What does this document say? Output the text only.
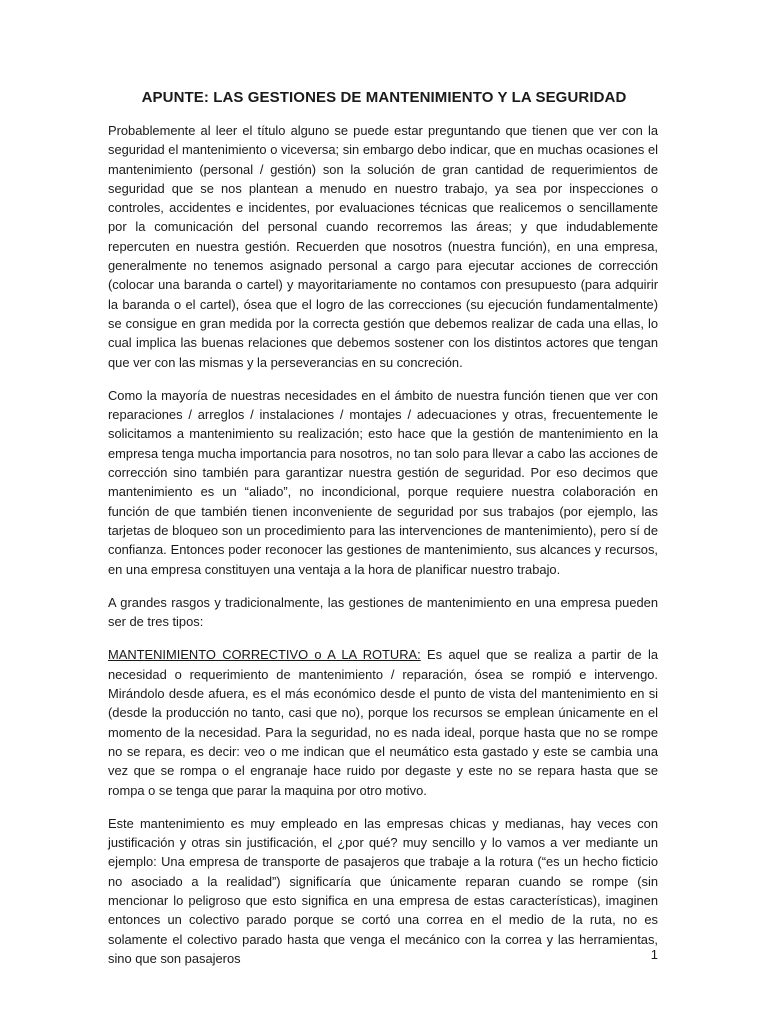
APUNTE: LAS GESTIONES DE MANTENIMIENTO Y LA SEGURIDAD

Probablemente al leer el título alguno se puede estar preguntando que tienen que ver con la seguridad el mantenimiento o viceversa; sin embargo debo indicar, que en muchas ocasiones el mantenimiento (personal / gestión) son la solución de gran cantidad de requerimientos de seguridad que se nos plantean a menudo en nuestro trabajo, ya sea por inspecciones o controles, accidentes e incidentes, por evaluaciones técnicas que realicemos o sencillamente por la comunicación del personal cuando recorremos las áreas; y que indudablemente repercuten en nuestra gestión. Recuerden que nosotros (nuestra función), en una empresa, generalmente no tenemos asignado personal a cargo para ejecutar acciones de corrección (colocar una baranda o cartel) y mayoritariamente no contamos con presupuesto (para adquirir la baranda o el cartel), ósea que el logro de las correcciones (su ejecución fundamentalmente) se consigue en gran medida por la correcta gestión que debemos realizar de cada una ellas, lo cual implica las buenas relaciones que debemos sostener con los distintos actores que tengan que ver con las mismas y la perseverancias en su concreción.

Como la mayoría de nuestras necesidades en el ámbito de nuestra función tienen que ver con reparaciones / arreglos / instalaciones / montajes / adecuaciones y otras, frecuentemente le solicitamos a mantenimiento su realización; esto hace que la gestión de mantenimiento en la empresa tenga mucha importancia para nosotros, no tan solo para llevar a cabo las acciones de corrección sino también para garantizar nuestra gestión de seguridad. Por eso decimos que mantenimiento es un “aliado”, no incondicional, porque requiere nuestra colaboración en función de que también tienen inconveniente de seguridad por sus trabajos (por ejemplo, las tarjetas de bloqueo son un procedimiento para las intervenciones de mantenimiento), pero sí de confianza. Entonces poder reconocer las gestiones de mantenimiento, sus alcances y recursos, en una empresa constituyen una ventaja a la hora de planificar nuestro trabajo.

A grandes rasgos y tradicionalmente, las gestiones de mantenimiento en una empresa pueden ser de tres tipos:

MANTENIMIENTO CORRECTIVO o A LA ROTURA: Es aquel que se realiza a partir de la necesidad o requerimiento de mantenimiento / reparación, ósea se rompió e intervengo. Mirándolo desde afuera, es el más económico desde el punto de vista del mantenimiento en si (desde la producción no tanto, casi que no), porque los recursos se emplean únicamente en el momento de la necesidad. Para la seguridad, no es nada ideal, porque hasta que no se rompe no se repara, es decir: veo o me indican que el neumático esta gastado y este se cambia una vez que se rompa o el engranaje hace ruido por degaste y este no se repara hasta que se rompa o se tenga que parar la maquina por otro motivo.

Este mantenimiento es muy empleado en las empresas chicas y medianas, hay veces con justificación y otras sin justificación, el ¿por qué? muy sencillo y lo vamos a ver mediante un ejemplo: Una empresa de transporte de pasajeros que trabaje a la rotura (“es un hecho ficticio no asociado a la realidad”) significaría que únicamente reparan cuando se rompe (sin mencionar lo peligroso que esto significa en una empresa de estas características), imaginen entonces un colectivo parado porque se cortó una correa en el medio de la ruta, no es solamente el colectivo parado hasta que venga el mecánico con la correa y las herramientas, sino que son pasajeros	1
